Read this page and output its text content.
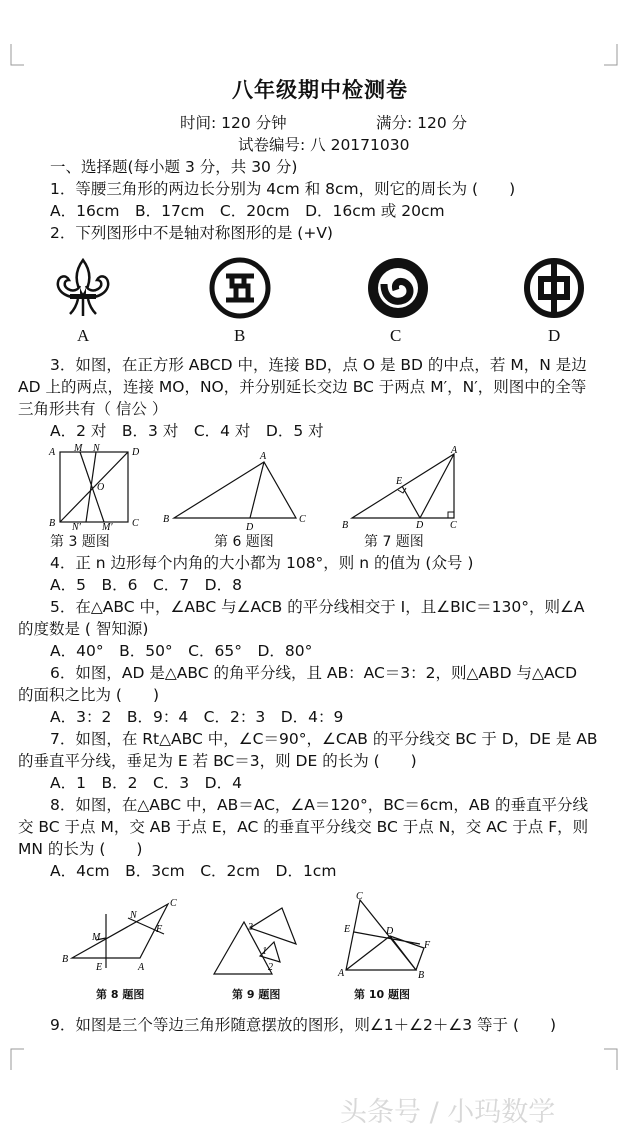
八年级期中检测卷
时间: 120 分钟	满分: 120 分
试卷编号: 八 20171030
一、选择题(每小题 3 分，共 30 分)
1．等腰三角形的两边长分别为 4cm 和 8cm，则它的周长为 (　　)
A．16cm　B．17cm　C．20cm　D．16cm 或 20cm
2．下列图形中不是轴对称图形的是 (+V)
A	B	C	D
3．如图，在正方形 ABCD 中，连接 BD，点 O 是 BD 的中点，若 M，N 是边
AD 上的两点，连接 MO，NO，并分别延长交边 BC 于两点 M′，N′，则图中的全等
三角形共有（ 信公 ）
A．2 对　B．3 对　C．4 对　D．5 对
A M N	D
O
B N′ M′ C
A
B
D
C
A
E
B	D	C
第 3 题图	第 6 题图	第 7 题图
4．正 n 边形每个内角的大小都为 108°，则 n 的值为 (众号 )
A．5　B．6　C．7　D．8
5．在△ABC 中，∠ABC 与∠ACB 的平分线相交于 I，且∠BIC＝130°，则∠A
的度数是 ( 智知源)
A．40°　B．50°　C．65°　D．80°
6．如图，AD 是△ABC 的角平分线，且 AB：AC＝3：2，则△ABD 与△ACD
的面积之比为 (　　)
A．3：2　B．9：4　C．2：3　D．4：9
7．如图，在 Rt△ABC 中，∠C＝90°，∠CAB 的平分线交 BC 于 D，DE 是 AB
的垂直平分线，垂足为 E 若 BC＝3，则 DE 的长为 (　　)
A．1　B．2　C．3　D．4
8．如图，在△ABC 中，AB＝AC，∠A＝120°，BC＝6cm，AB 的垂直平分线
交 BC 于点 M，交 AB 于点 E，AC 的垂直平分线交 BC 于点 N，交 AC 于点 F，则
MN 的长为 (　　)
A．4cm　B．3cm　C．2cm　D．1cm
C
N
M
F
B
E	A
3
1
2
C
E	D
F
A	B
第 8 题图	第 9 题图	第 10 题图
9．如图是三个等边三角形随意摆放的图形，则∠1＋∠2＋∠3 等于 (　　)
头条号 / 小玛数学
